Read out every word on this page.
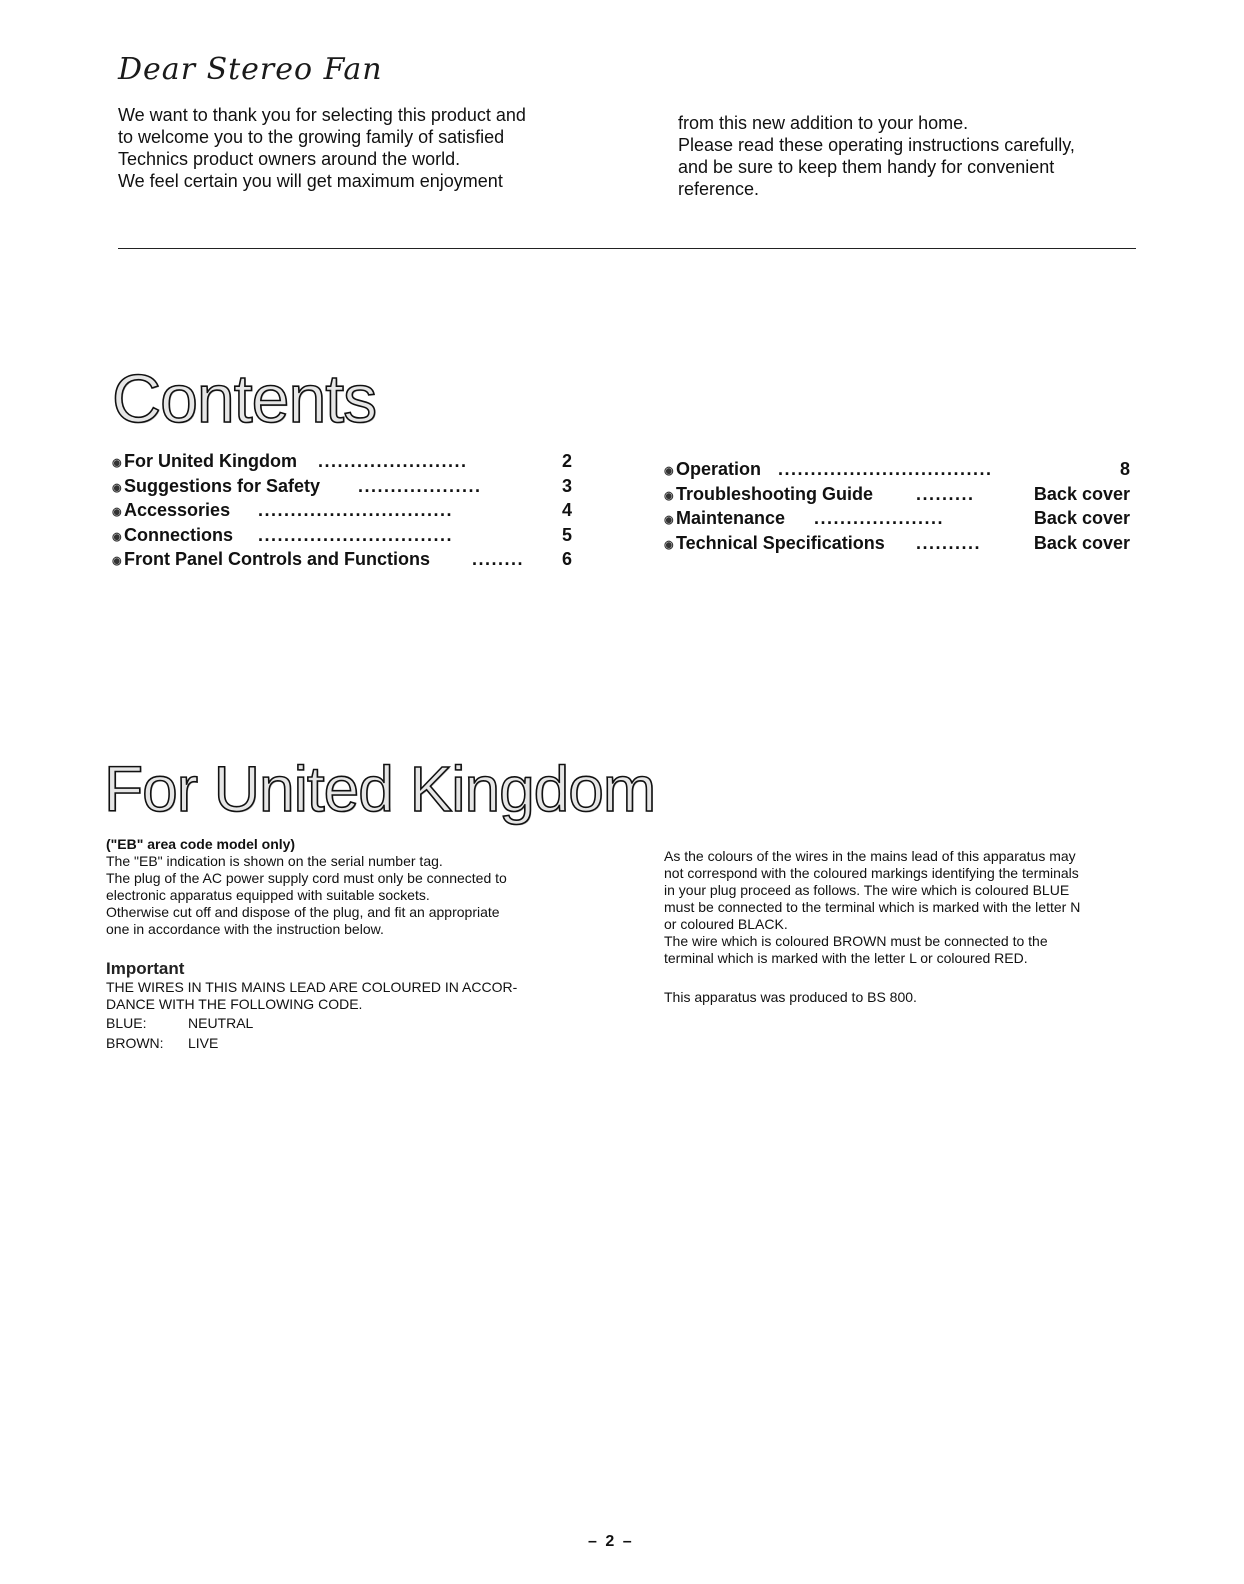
Dear Stereo Fan

We want to thank you for selecting this product and

to welcome you to the growing family of satisfied

Technics product owners around the world.

We feel certain you will get maximum enjoyment

from this new addition to your home.

Please read these operating instructions carefully,

and be sure to keep them handy for convenient

reference.

Contents
◉ For United Kingdom .......................	2
◉ Suggestions for Safety ...................	3
◉ Accessories ..............................	4
◉ Connections ..............................	5
◉ Front Panel Controls and Functions ........ 6
◉ Operation .................................	8
◉ Troubleshooting Guide .........	Back cover
◉ Maintenance ....................	Back cover
◉ Technical Specifications ..........	Back cover
For United Kingdom

("EB" area code model only)

The "EB" indication is shown on the serial number tag.

The plug of the AC power supply cord must only be connected to

electronic apparatus equipped with suitable sockets.

Otherwise cut off and dispose of the plug, and fit an appropriate

one in accordance with the instruction below.

Important

THE WIRES IN THIS MAINS LEAD ARE COLOURED IN ACCOR-

DANCE WITH THE FOLLOWING CODE.

BLUE:	NEUTRAL
BROWN:	LIVE

As the colours of the wires in the mains lead of this apparatus may

not correspond with the coloured markings identifying the terminals

in your plug proceed as follows. The wire which is coloured BLUE

must be connected to the terminal which is marked with the letter N

or coloured BLACK.

The wire which is coloured BROWN must be connected to the

terminal which is marked with the letter L or coloured RED.

This apparatus was produced to BS 800.

– 2 –
